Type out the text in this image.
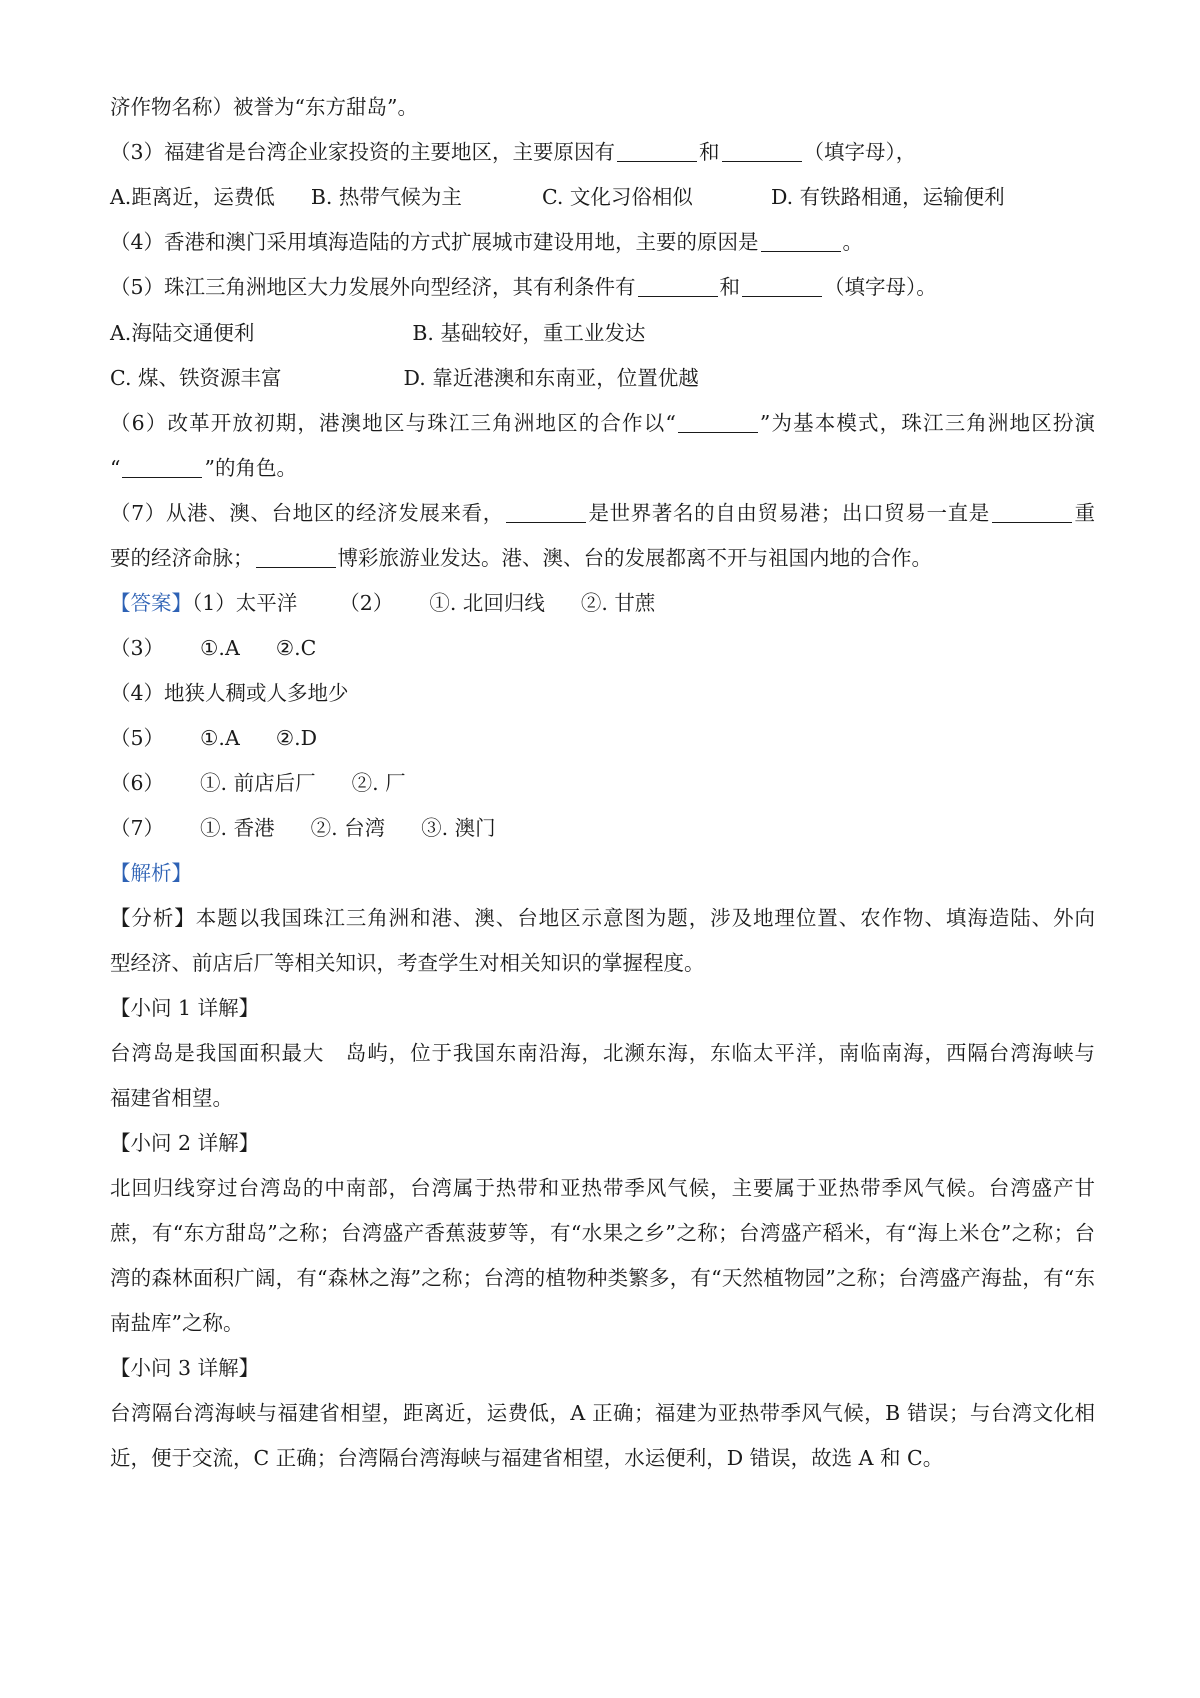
济作物名称）被誉为“东方甜岛”。
（3）福建省是台湾企业家投资的主要地区，主要原因有	和	（填字母），
A.距离近，运费低 B. 热带气候为主	C. 文化习俗相似	D. 有铁路相通，运输便利
（4）香港和澳门采用填海造陆的方式扩展城市建设用地，主要的原因是	。
（5）珠江三角洲地区大力发展外向型经济，其有利条件有	和	（填字母）。
A.海陆交通便利	B. 基础较好，重工业发达
C. 煤、铁资源丰富	D. 靠近港澳和东南亚，位置优越
（6）改革开放初期，港澳地区与珠江三角洲地区的合作以“	”为基本模式，珠江三角洲地区扮演
“	”的角色。
（7）从港、澳、台地区的经济发展来看，	是世界著名的自由贸易港；出口贸易一直是	重
要的经济命脉；	博彩旅游业发达。港、澳、台的发展都离不开与祖国内地的合作。
【答案】（1）太平洋 （2） ①. 北回归线 ②. 甘蔗
（3） ①.A ②.C
（4）地狭人稠或人多地少
（5） ①.A ②.D
（6） ①. 前店后厂 ②. 厂
（7） ①. 香港 ②. 台湾 ③. 澳门
【解析】
【分析】本题以我国珠江三角洲和港、澳、台地区示意图为题，涉及地理位置、农作物、填海造陆、外向
型经济、前店后厂等相关知识，考查学生对相关知识的掌握程度。
【小问 1 详解】
台湾岛是我国面积最大　岛屿，位于我国东南沿海，北濒东海，东临太平洋，南临南海，西隔台湾海峡与
福建省相望。
【小问 2 详解】
北回归线穿过台湾岛的中南部，台湾属于热带和亚热带季风气候，主要属于亚热带季风气候。台湾盛产甘
蔗，有“东方甜岛”之称；台湾盛产香蕉菠萝等，有“水果之乡”之称；台湾盛产稻米，有“海上米仓”之称；台
湾的森林面积广阔，有“森林之海”之称；台湾的植物种类繁多，有“天然植物园”之称；台湾盛产海盐，有“东
南盐库”之称。
【小问 3 详解】
台湾隔台湾海峡与福建省相望，距离近，运费低，A 正确；福建为亚热带季风气候，B 错误；与台湾文化相
近，便于交流，C 正确；台湾隔台湾海峡与福建省相望，水运便利，D 错误，故选 A 和 C。
